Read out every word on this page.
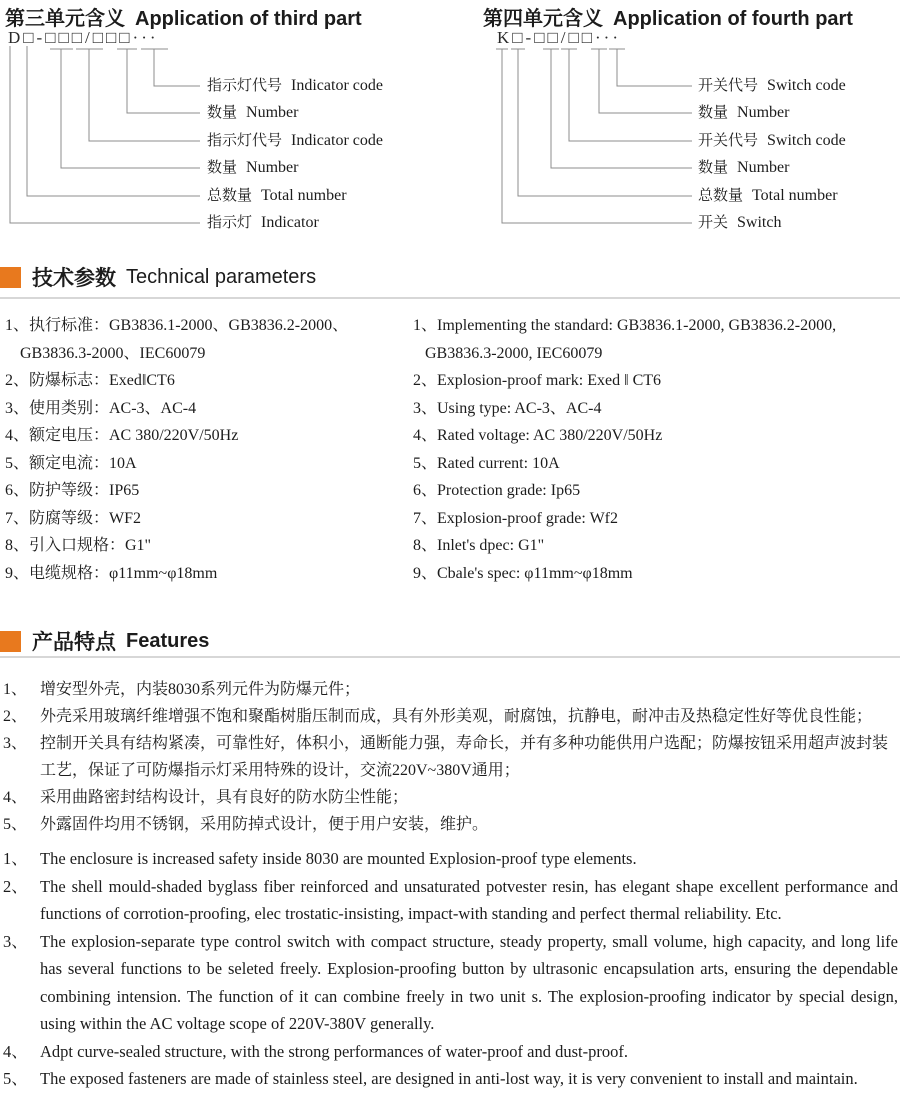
第三单元含义 Application of third part
D□-□□□/□□□···
指示灯代号 Indicator code
数量 Number
指示灯代号 Indicator code
数量 Number
总数量 Total number
指示灯 Indicator
第四单元含义 Application of fourth part
K□-□□/□□···
开关代号 Switch code
数量 Number
开关代号 Switch code
数量 Number
总数量 Total number
开关 Switch
技术参数 Technical parameters
1、执行标准：GB3836.1-2000、GB3836.2-2000、GB3836.3-2000、IEC60079
2、防爆标志：Exed‖CT6
3、使用类别：AC-3、AC-4
4、额定电压：AC 380/220V/50Hz
5、额定电流：10A
6、防护等级：IP65
7、防腐等级：WF2
8、引入口规格：G1"
9、电缆规格：φ11mm~φ18mm
1、Implementing the standard: GB3836.1-2000, GB3836.2-2000, GB3836.3-2000, IEC60079
2、Explosion-proof mark: Exed ‖ CT6
3、Using type: AC-3、AC-4
4、Rated voltage: AC 380/220V/50Hz
5、Rated current: 10A
6、Protection grade: Ip65
7、Explosion-proof grade: Wf2
8、Inlet's dpec: G1"
9、Cbale's spec: φ11mm~φ18mm
产品特点 Features
1、 增安型外壳，内装8030系列元件为防爆元件；
2、 外壳采用玻璃纤维增强不饱和聚酯树脂压制而成，具有外形美观，耐腐蚀，抗静电，耐冲击及热稳定性好等优良性能；
3、 控制开关具有结构紧凑，可靠性好，体积小，通断能力强，寿命长，并有多种功能供用户选配；防爆按钮采用超声波封装工艺，保证了可防爆指示灯采用特殊的设计，交流220V~380V通用；
4、 采用曲路密封结构设计，具有良好的防水防尘性能；
5、 外露固件均用不锈钢，采用防掉式设计，便于用户安装，维护。
1、 The enclosure is increased safety inside 8030 are mounted Explosion-proof type elements.
2、 The shell mould-shaded byglass fiber reinforced and unsaturated potvester resin, has elegant shape excellent performance and functions of corrotion-proofing, elec trostatic-insisting, impact-with standing and perfect thermal reliability. Etc.
3、 The explosion-separate type control switch with compact structure, steady property, small volume, high capacity, and long life has several functions to be seleted freely. Explosion-proofing button by ultrasonic encapsulation arts, ensuring the dependable combining intension. The function of it can combine freely in two unit s. The explosion-proofing indicator by special design, using within the AC voltage scope of 220V-380V generally.
4、 Adpt curve-sealed structure, with the strong performances of water-proof and dust-proof.
5、 The exposed fasteners are made of stainless steel, are designed in anti-lost way, it is very convenient to install and maintain.
